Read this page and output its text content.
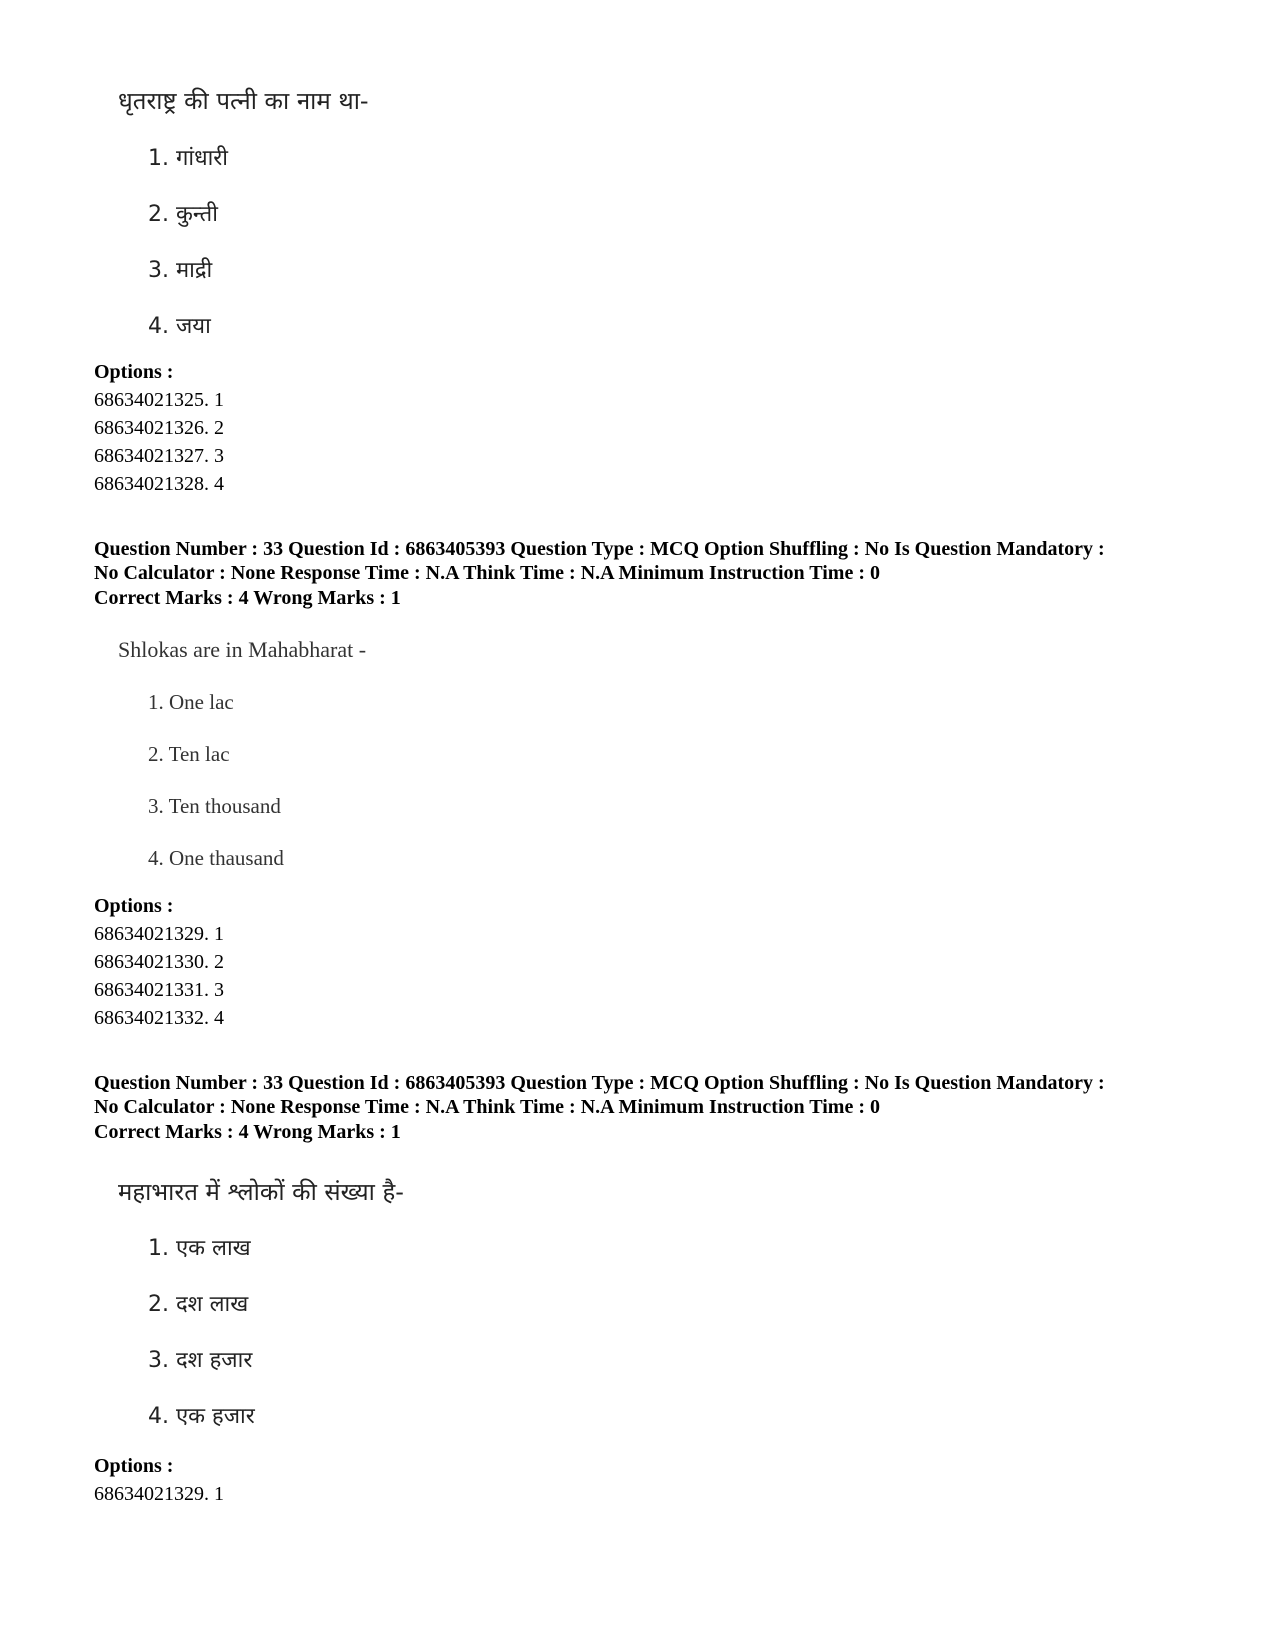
धृतराष्ट्र की पत्नी का नाम था-
1. गांधारी
2. कुन्ती
3. माद्री
4. जया
Options :
68634021325. 1
68634021326. 2
68634021327. 3
68634021328. 4
Question Number : 33 Question Id : 6863405393 Question Type : MCQ Option Shuffling : No Is Question Mandatory :
No Calculator : None Response Time : N.A Think Time : N.A Minimum Instruction Time : 0
Correct Marks : 4 Wrong Marks : 1
Shlokas are in Mahabharat -
1. One lac
2. Ten lac
3. Ten thousand
4. One thausand
Options :
68634021329. 1
68634021330. 2
68634021331. 3
68634021332. 4
Question Number : 33 Question Id : 6863405393 Question Type : MCQ Option Shuffling : No Is Question Mandatory :
No Calculator : None Response Time : N.A Think Time : N.A Minimum Instruction Time : 0
Correct Marks : 4 Wrong Marks : 1
महाभारत में श्लोकों की संख्या है-
1. एक लाख
2. दश लाख
3. दश हजार
4. एक हजार
Options :
68634021329. 1
